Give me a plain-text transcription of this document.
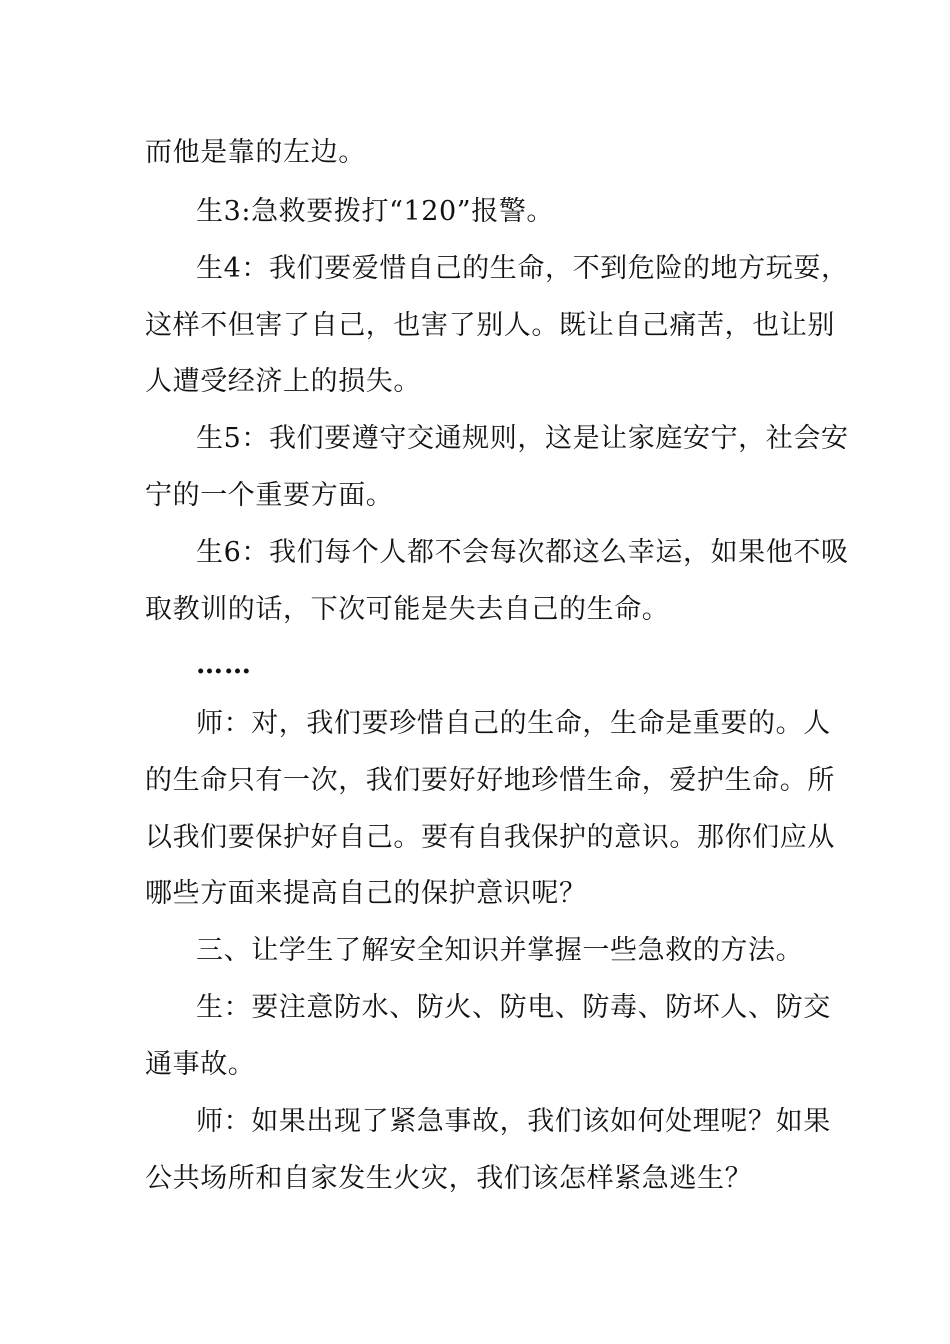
而他是靠的左边。
生3:急救要拨打“120”报警。
生4：我们要爱惜自己的生命，不到危险的地方玩耍，
这样不但害了自己，也害了别人。既让自己痛苦，也让别
人遭受经济上的损失。
生5：我们要遵守交通规则，这是让家庭安宁，社会安
宁的一个重要方面。
生6：我们每个人都不会每次都这么幸运，如果他不吸
取教训的话，下次可能是失去自己的生命。
……
师：对，我们要珍惜自己的生命，生命是重要的。人
的生命只有一次，我们要好好地珍惜生命，爱护生命。所
以我们要保护好自己。要有自我保护的意识。那你们应从
哪些方面来提高自己的保护意识呢？
三、让学生了解安全知识并掌握一些急救的方法。
生：要注意防水、防火、防电、防毒、防坏人、防交
通事故。
师：如果出现了紧急事故，我们该如何处理呢？如果
公共场所和自家发生火灾，我们该怎样紧急逃生？
